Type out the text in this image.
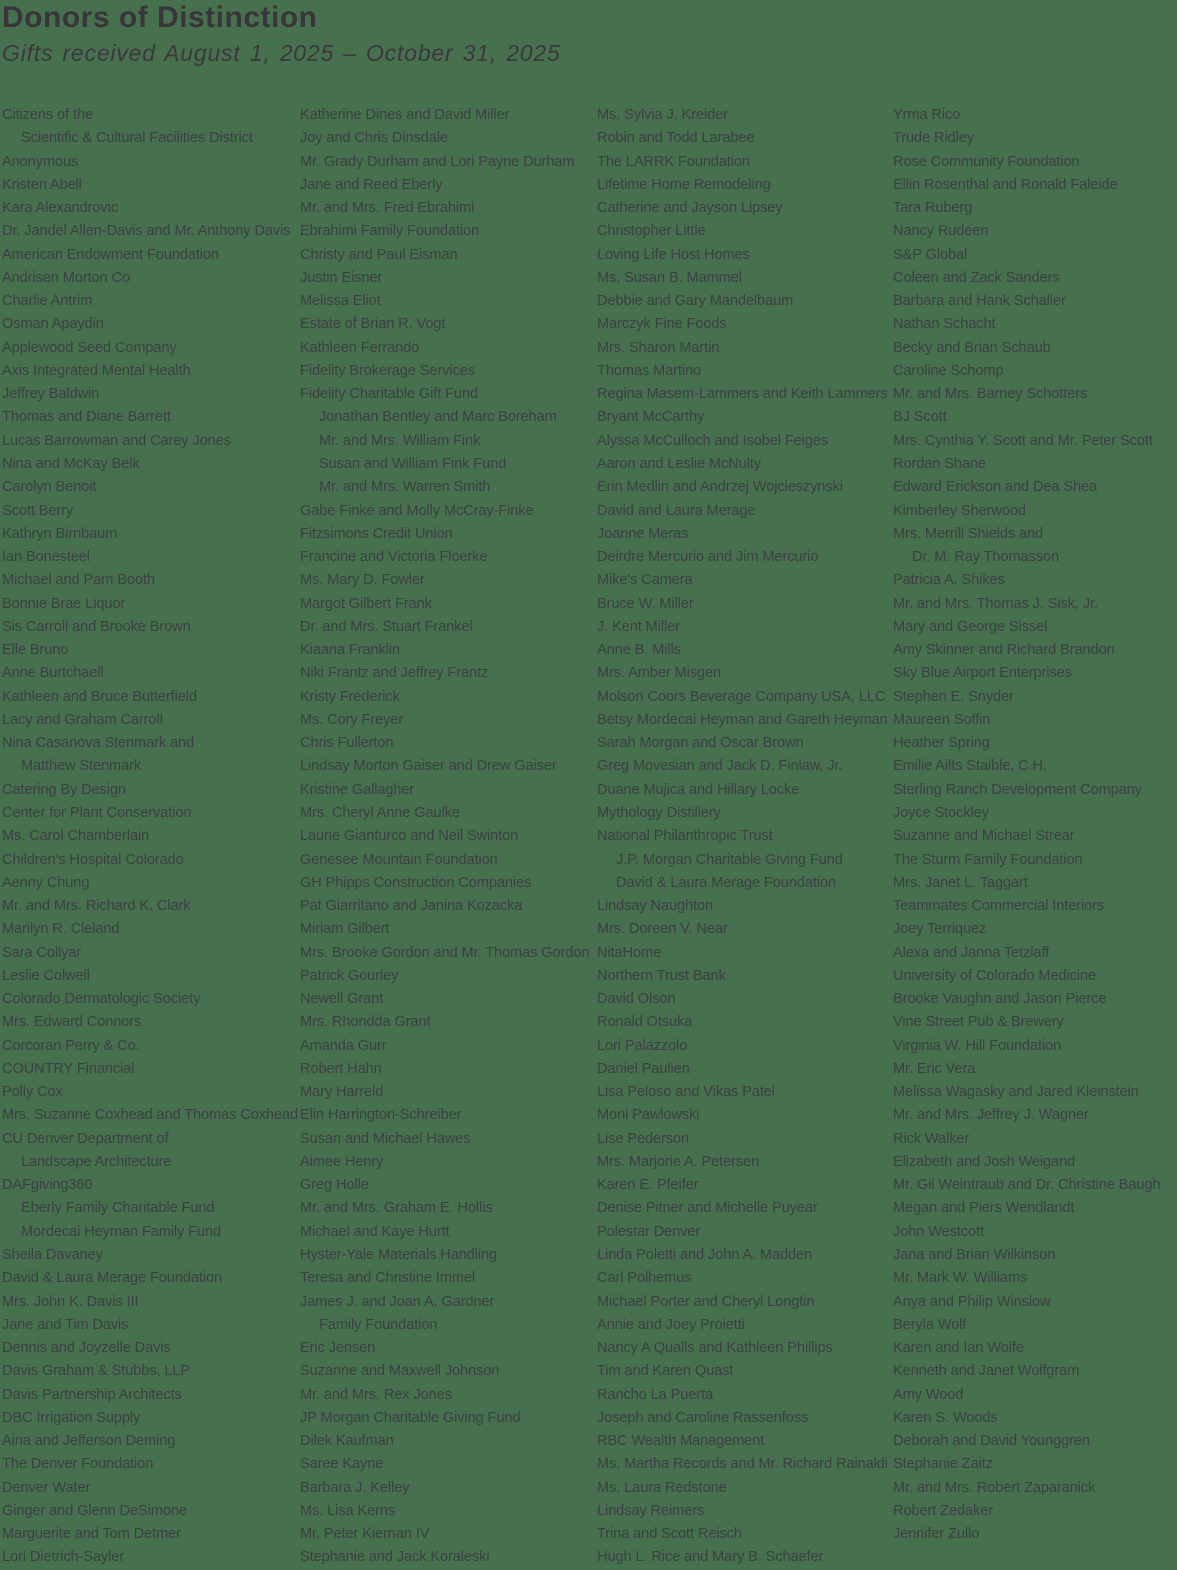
Donors of Distinction
Gifts received August 1, 2025 – October 31, 2025
Citizens of the
Scientific & Cultural Facilities District
Anonymous
Kristen Abell
Kara Alexandrovic
Dr. Jandel Allen-Davis and Mr. Anthony Davis
American Endowment Foundation
Andrisen Morton Co
Charlie Antrim
Osman Apaydin
Applewood Seed Company
Axis Integrated Mental Health
Jeffrey Baldwin
Thomas and Diane Barrett
Lucas Barrowman and Carey Jones
Nina and McKay Belk
Carolyn Benoit
Scott Berry
Kathryn Birnbaum
Ian Bonesteel
Michael and Pam Booth
Bonnie Brae Liquor
Sis Carroll and Brooke Brown
Elle Bruno
Anne Burtchaell
Kathleen and Bruce Butterfield
Lacy and Graham Carroll
Nina Casanova Stenmark and
Matthew Stenmark
Catering By Design
Center for Plant Conservation
Ms. Carol Chamberlain
Children's Hospital Colorado
Aenny Chung
Mr. and Mrs. Richard K. Clark
Marilyn R. Cleland
Sara Collyar
Leslie Colwell
Colorado Dermatologic Society
Mrs. Edward Connors
Corcoran Perry & Co.
COUNTRY Financial
Polly Cox
Mrs. Suzanne Coxhead and Thomas Coxhead
CU Denver Department of
Landscape Architecture
DAFgiving360
Eberly Family Charitable Fund
Mordecai Heyman Family Fund
Sheila Davaney
David & Laura Merage Foundation
Mrs. John K. Davis III
Jane and Tim Davis
Dennis and Joyzelle Davis
Davis Graham & Stubbs, LLP
Davis Partnership Architects
DBC Irrigation Supply
Aina and Jefferson Deming
The Denver Foundation
Denver Water
Ginger and Glenn DeSimone
Marguerite and Tom Detmer
Lori Dietrich-Sayler
Katherine Dines and David Miller
Joy and Chris Dinsdale
Mr. Grady Durham and Lori Payne Durham
Jane and Reed Eberly
Mr. and Mrs. Fred Ebrahimi
Ebrahimi Family Foundation
Christy and Paul Eisman
Justin Eisner
Melissa Eliot
Estate of Brian R. Vogt
Kathleen Ferrando
Fidelity Brokerage Services
Fidelity Charitable Gift Fund
Jonathan Bentley and Marc Boreham
Mr. and Mrs. William Fink
Susan and William Fink Fund
Mr. and Mrs. Warren Smith
Gabe Finke and Molly McCray-Finke
Fitzsimons Credit Union
Francine and Victoria Floerke
Ms. Mary D. Fowler
Margot Gilbert Frank
Dr. and Mrs. Stuart Frankel
Kiaana Franklin
Niki Frantz and Jeffrey Frantz
Kristy Frederick
Ms. Cory Freyer
Chris Fullerton
Lindsay Morton Gaiser and Drew Gaiser
Kristine Gallagher
Mrs. Cheryl Anne Gaulke
Laurie Gianturco and Neil Swinton
Genesee Mountain Foundation
GH Phipps Construction Companies
Pat Giarritano and Janina Kozacka
Miriam Gilbert
Mrs. Brooke Gordon and Mr. Thomas Gordon
Patrick Gourley
Newell Grant
Mrs. Rhondda Grant
Amanda Gurr
Robert Hahn
Mary Harreld
Elin Harrington-Schreiber
Susan and Michael Hawes
Aimee Henry
Greg Holle
Mr. and Mrs. Graham E. Hollis
Michael and Kaye Hurtt
Hyster-Yale Materials Handling
Teresa and Christine Immel
James J. and Joan A. Gardner
Family Foundation
Eric Jensen
Suzanne and Maxwell Johnson
Mr. and Mrs. Rex Jones
JP Morgan Charitable Giving Fund
Dilek Kaufman
Saree Kayne
Barbara J. Kelley
Ms. Lisa Kerns
Mr. Peter Kiernan IV
Stephanie and Jack Koraleski
Ms. Sylvia J. Kreider
Robin and Todd Larabee
The LARRK Foundation
Lifetime Home Remodeling
Catherine and Jayson Lipsey
Christopher Little
Loving Life Host Homes
Ms. Susan B. Mammel
Debbie and Gary Mandelbaum
Marczyk Fine Foods
Mrs. Sharon Martin
Thomas Martino
Regina Masem-Lammers and Keith Lammers
Bryant McCarthy
Alyssa McCulloch and Isobel Feiges
Aaron and Leslie McNulty
Erin Medlin and Andrzej Wojcieszynski
David and Laura Merage
Joanne Meras
Deirdre Mercurio and Jim Mercurio
Mike's Camera
Bruce W. Miller
J. Kent Miller
Anne B. Mills
Mrs. Amber Misgen
Molson Coors Beverage Company USA, LLC
Betsy Mordecai Heyman and Gareth Heyman
Sarah Morgan and Oscar Brown
Greg Movesian and Jack D. Finlaw, Jr.
Duane Mujica and Hillary Locke
Mythology Distillery
National Philanthropic Trust
J.P. Morgan Charitable Giving Fund
David & Laura Merage Foundation
Lindsay Naughton
Mrs. Doreen V. Near
NitaHome
Northern Trust Bank
David Olson
Ronald Otsuka
Lori Palazzolo
Daniel Paulien
Lisa Peloso and Vikas Patel
Moni Pawlowski
Lise Pederson
Mrs. Marjorie A. Petersen
Karen E. Pfeifer
Denise Pitner and Michelle Puyear
Polestar Denver
Linda Poletti and John A. Madden
Carl Polhemus
Michael Porter and Cheryl Longtin
Annie and Joey Proietti
Nancy A Qualls and Kathleen Phillips
Tim and Karen Quast
Rancho La Puerta
Joseph and Caroline Rassenfoss
RBC Wealth Management
Ms. Martha Records and Mr. Richard Rainaldi
Ms. Laura Redstone
Lindsay Reimers
Trina and Scott Reisch
Hugh L. Rice and Mary B. Schaefer
Yrma Rico
Trude Ridley
Rose Community Foundation
Ellin Rosenthal and Ronald Faleide
Tara Ruberg
Nancy Rudeen
S&P Global
Coleen and Zack Sanders
Barbara and Hank Schaller
Nathan Schacht
Becky and Brian Schaub
Caroline Schomp
Mr. and Mrs. Barney Schotters
BJ Scott
Mrs. Cynthia Y. Scott and Mr. Peter Scott
Rordan Shane
Edward Erickson and Dea Shea
Kimberley Sherwood
Mrs. Merrill Shields and
Dr. M. Ray Thomasson
Patricia A. Shikes
Mr. and Mrs. Thomas J. Sisk, Jr.
Mary and George Sissel
Amy Skinner and Richard Brandon
Sky Blue Airport Enterprises
Stephen E. Snyder
Maureen Soffin
Heather Spring
Emilie Ailts Staible, C.H.
Sterling Ranch Development Company
Joyce Stockley
Suzanne and Michael Strear
The Sturm Family Foundation
Mrs. Janet L. Taggart
Teammates Commercial Interiors
Joey Terriquez
Alexa and Janna Tetzlaff
University of Colorado Medicine
Brooke Vaughn and Jason Pierce
Vine Street Pub & Brewery
Virginia W. Hill Foundation
Mr. Eric Vera
Melissa Wagasky and Jared Kleinstein
Mr. and Mrs. Jeffrey J. Wagner
Rick Walker
Elizabeth and Josh Weigand
Mr. Gil Weintraub and Dr. Christine Baugh
Megan and Piers Wendlandt
John Westcott
Jana and Brian Wilkinson
Mr. Mark W. Williams
Anya and Philip Winslow
Beryla Wolf
Karen and Ian Wolfe
Kenneth and Janet Wolfgram
Amy Wood
Karen S. Woods
Deborah and David Younggren
Stephanie Zaitz
Mr. and Mrs. Robert Zaparanick
Robert Zedaker
Jennifer Zullo
